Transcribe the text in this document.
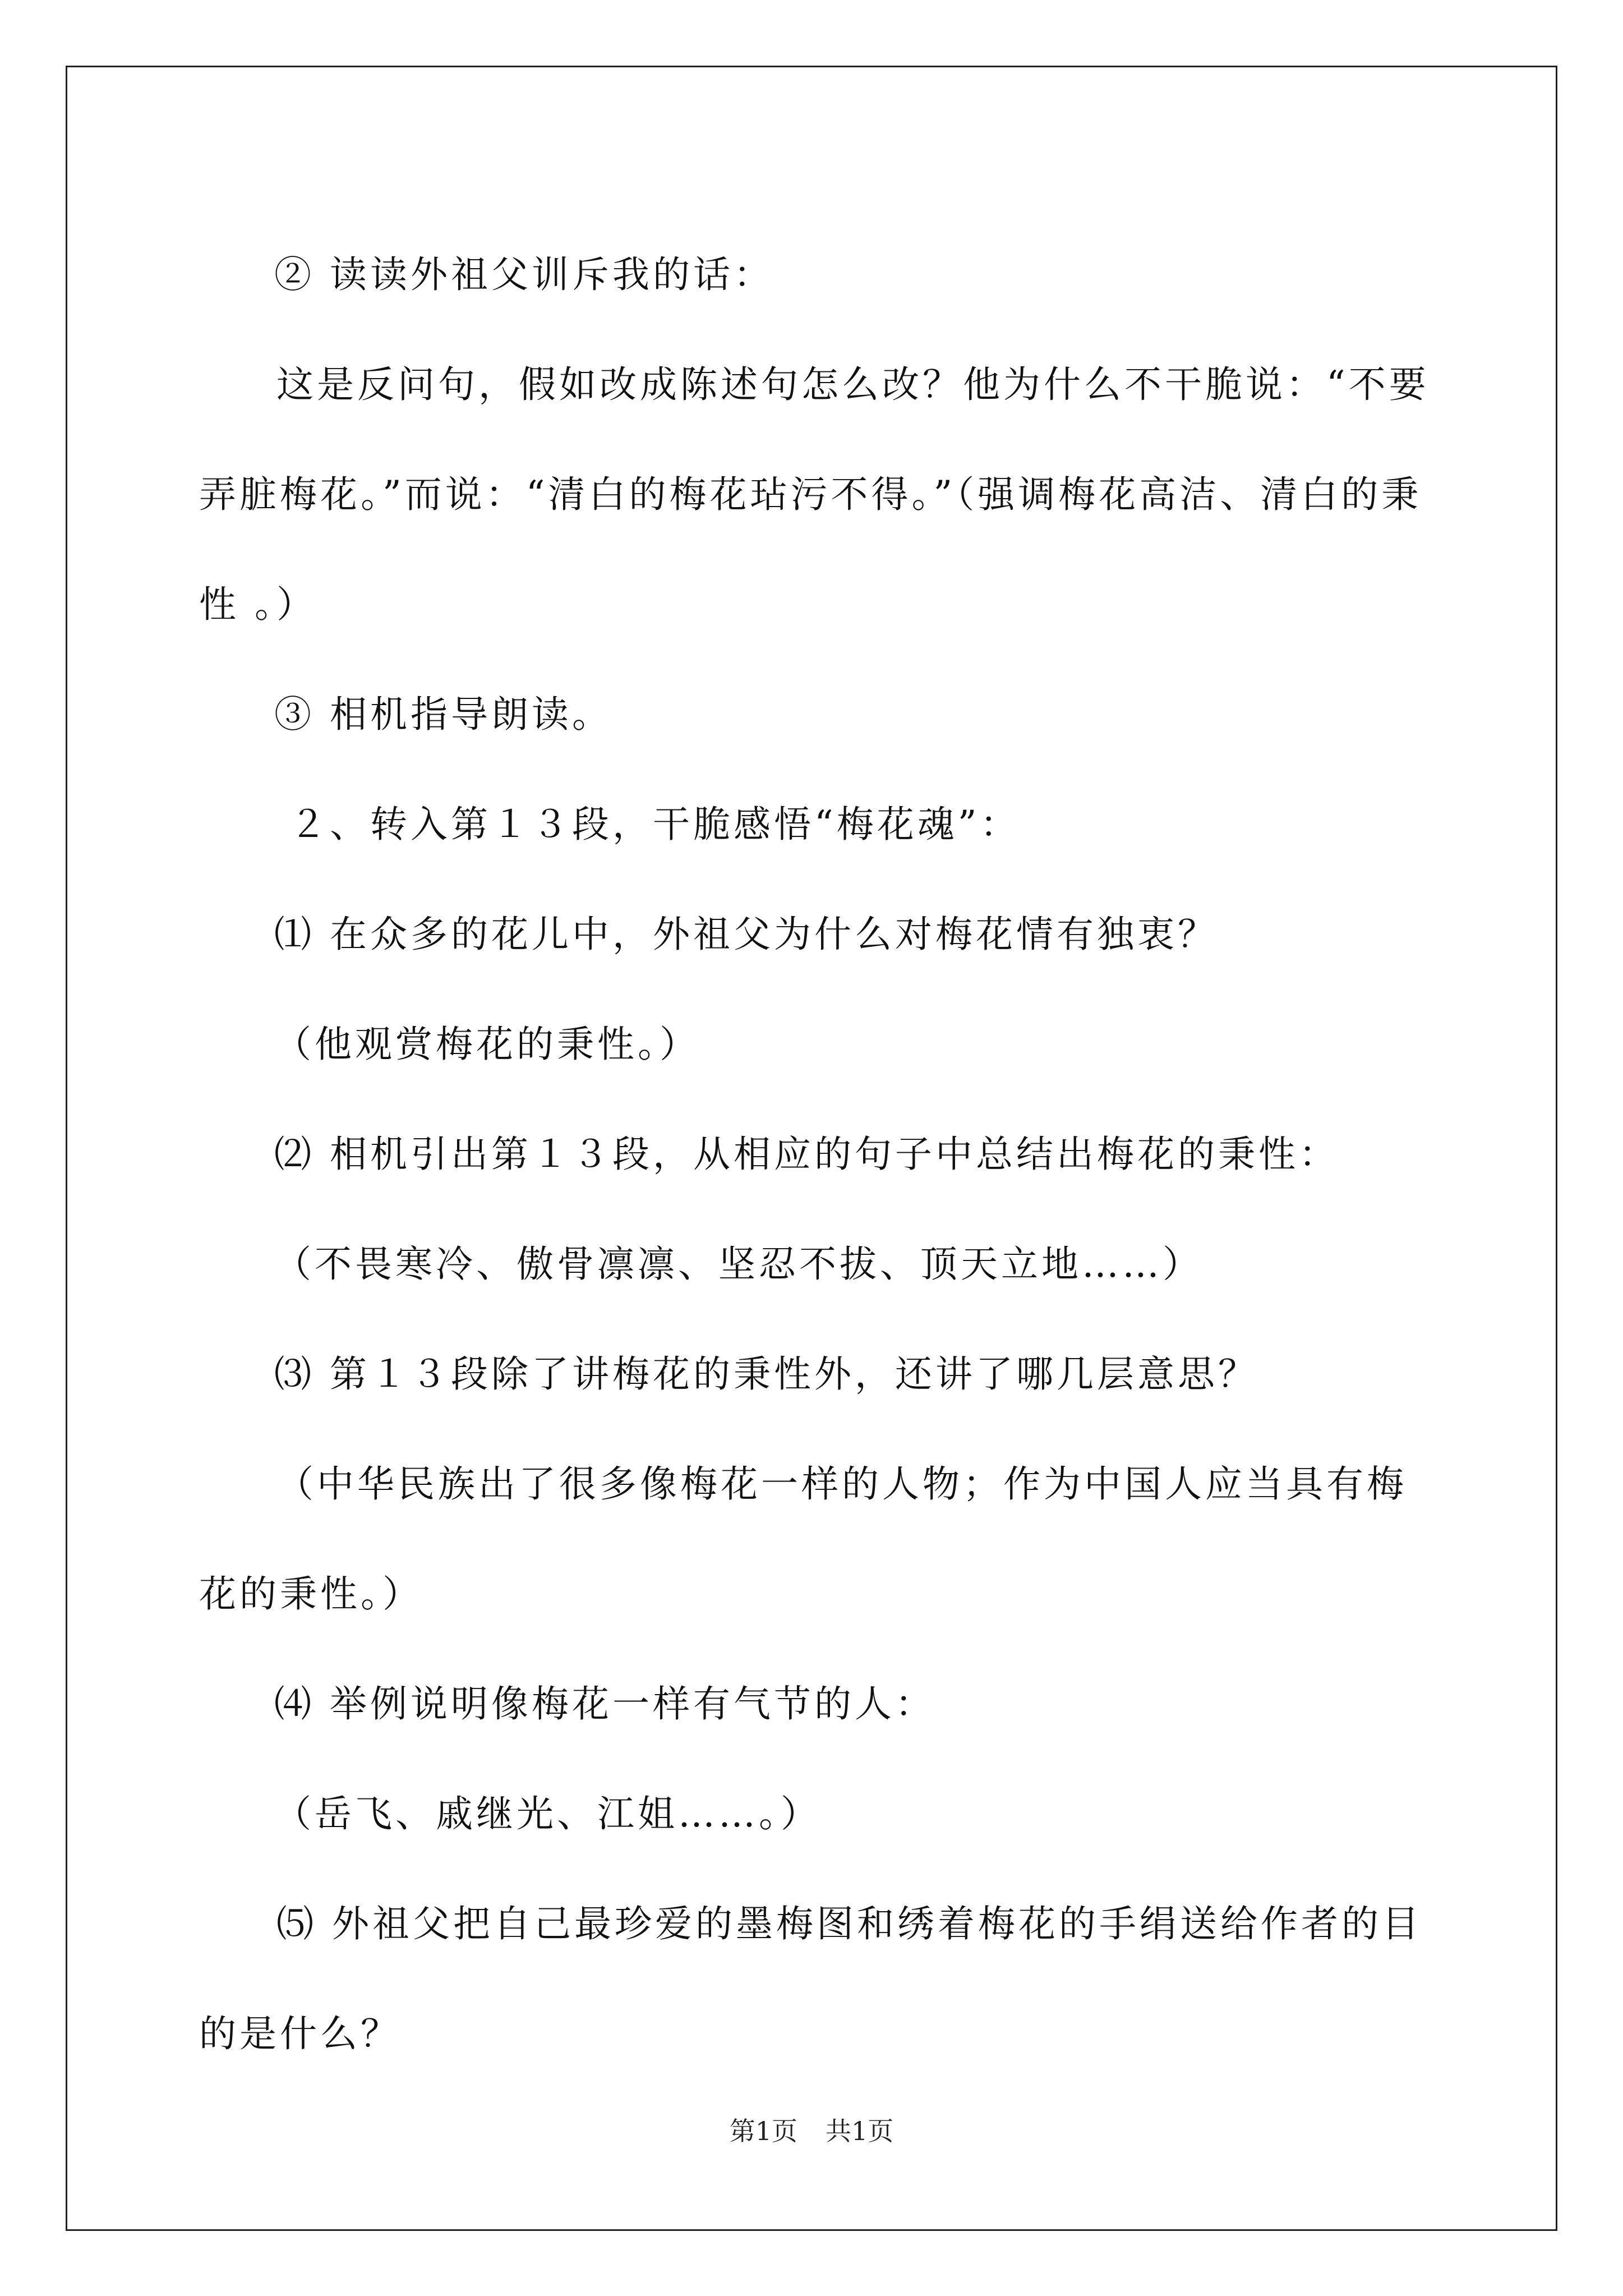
② 读读外祖父训斥我的话：

这是反问句，假如改成陈述句怎么改？他为什么不干脆说：“不要弄脏梅花。”而说：“清白的梅花玷污不得。”（强调梅花高洁、清白的秉性 。）

③ 相机指导朗读。

２、转入第１３段，干脆感悟“梅花魂”：

⑴ 在众多的花儿中，外祖父为什么对梅花情有独衷？

（他观赏梅花的秉性。）

⑵ 相机引出第１３段，从相应的句子中总结出梅花的秉性：

（不畏寒冷、傲骨凛凛、坚忍不拔、顶天立地……）

⑶ 第１３段除了讲梅花的秉性外，还讲了哪几层意思？

（中华民族出了很多像梅花一样的人物；作为中国人应当具有梅花的秉性。）

⑷ 举例说明像梅花一样有气节的人：

（岳飞、戚继光、江姐……。）

⑸ 外祖父把自己最珍爱的墨梅图和绣着梅花的手绢送给作者的目的是什么？

第1页 共1页
